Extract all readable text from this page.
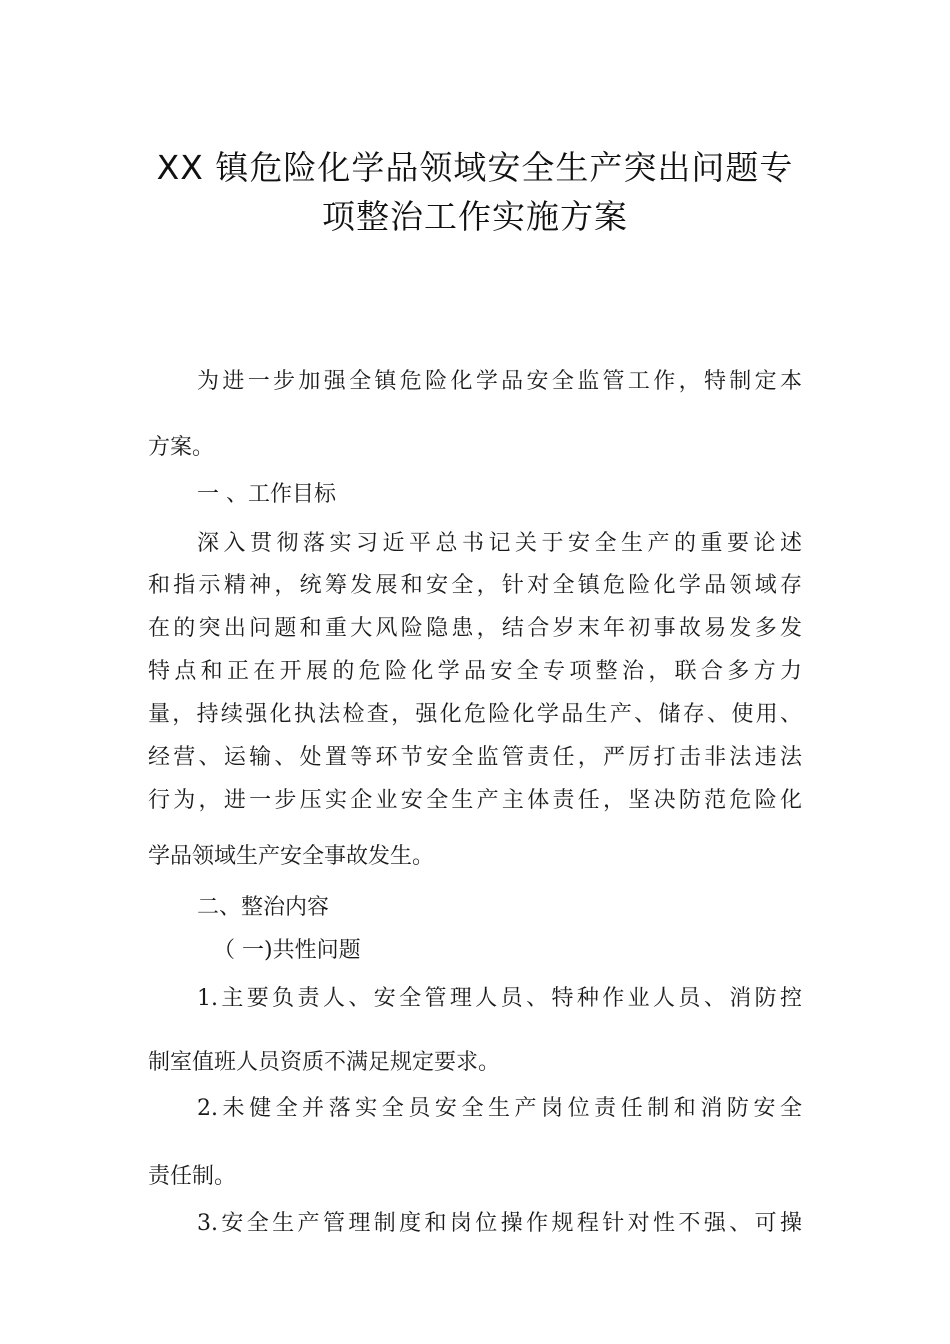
XX 镇危险化学品领域安全生产突出问题专
项整治工作实施方案
为进一步加强全镇危险化学品安全监管工作，特制定本
方案。
一 、工作目标
深入贯彻落实习近平总书记关于安全生产的重要论述
和指示精神，统筹发展和安全，针对全镇危险化学品领域存
在的突出问题和重大风险隐患，结合岁末年初事故易发多发
特点和正在开展的危险化学品安全专项整治，联合多方力
量，持续强化执法检查，强化危险化学品生产、储存、使用、
经营、运输、处置等环节安全监管责任，严厉打击非法违法
行为，进一步压实企业安全生产主体责任，坚决防范危险化
学品领域生产安全事故发生。
二、整治内容
（ 一)共性问题
1.主要负责人、安全管理人员、特种作业人员、消防控
制室值班人员资质不满足规定要求。
2.未健全并落实全员安全生产岗位责任制和消防安全
责任制。
3.安全生产管理制度和岗位操作规程针对性不强、可操
